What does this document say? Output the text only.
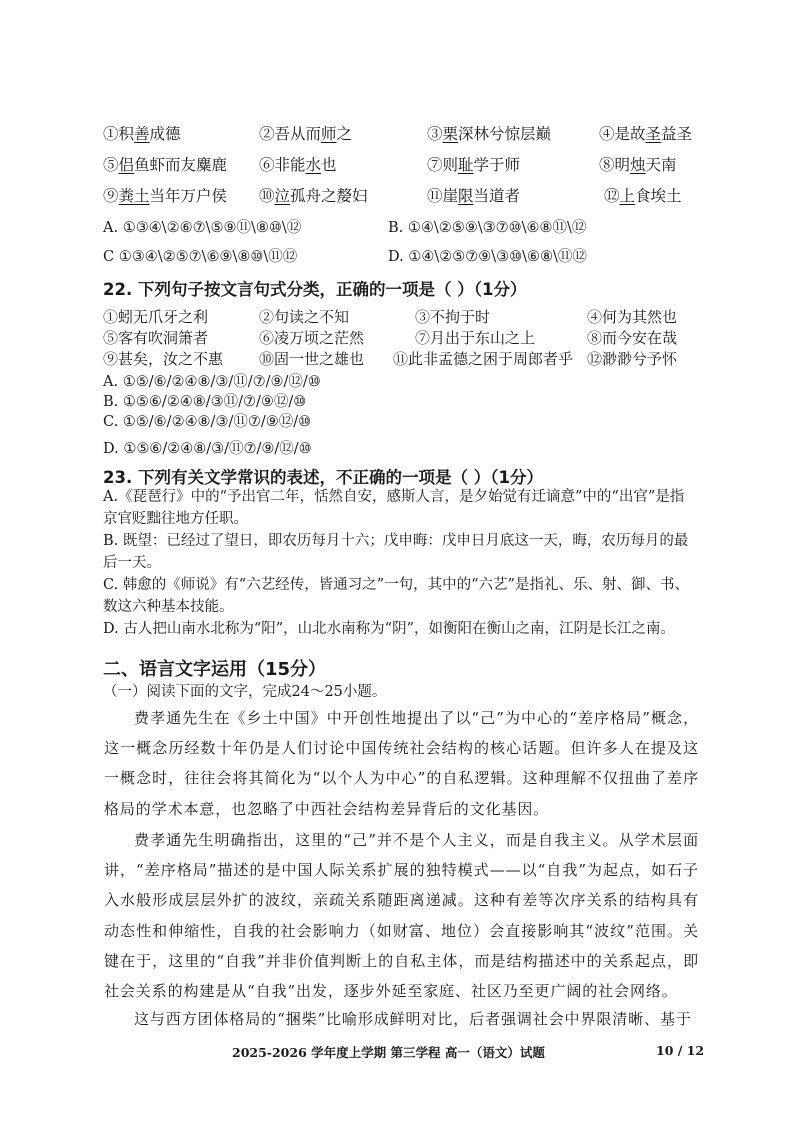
①积善成德	②吾从而师之	③栗深林兮惊层巅	④是故圣益圣
⑤侣鱼虾而友麋鹿 ⑥非能水也	⑦则耻学于师	⑧明烛天南
⑨粪土当年万户侯 ⑩泣孤舟之嫠妇	⑪崖限当道者	⑫上食埃土
A. ①③④\②⑥⑦\⑤⑨⑪\⑧⑩\⑫	B. ①④\②⑤⑨\③⑦⑩\⑥⑧⑪\⑫
C ①③④\②⑤⑦\⑥⑨\⑧⑩\⑪⑫	D. ①④\②⑤⑦⑨\③⑩\⑥⑧\⑪⑫
22. 下列句子按文言句式分类，正确的一项是（ ）（1分）
①蚓无爪牙之利	②句读之不知	③不拘于时	④何为其然也
⑤客有吹洞箫者	⑥凌万顷之茫然	⑦月出于东山之上	⑧而今安在哉
⑨甚矣，汝之不惠 ⑩固一世之雄也 ⑪此非孟德之困于周郎者乎 ⑫渺渺兮予怀
A. ①⑤/⑥/②④⑧/③/⑪/⑦/⑨/⑫/⑩
B. ①⑤⑥/②④⑧/③⑪/⑦/⑨⑫/⑩
C. ①⑤/⑥/②④⑧/③/⑪⑦/⑨⑫/⑩
D. ①⑤⑥/②④⑧/③/⑪⑦/⑨/⑫/⑩
23. 下列有关文学常识的表述，不正确的一项是（ ）（1分）
A.《琵琶行》中的“予出官二年，恬然自安，感斯人言，是夕始觉有迁谪意”中的“出官”是指京官贬黜往地方任职。
B. 既望：已经过了望日，即农历每月十六；戊申晦：戊申日月底这一天，晦，农历每月的最后一天。
C. 韩愈的《师说》有“六艺经传，皆通习之”一句，其中的“六艺”是指礼、乐、射、御、书、数这六种基本技能。
D. 古人把山南水北称为“阳”，山北水南称为“阴”，如衡阳在衡山之南，江阴是长江之南。
二、语言文字运用（15分）
（一）阅读下面的文字，完成24～25小题。
费孝通先生在《乡土中国》中开创性地提出了以“己”为中心的“差序格局”概念，这一概念历经数十年仍是人们讨论中国传统社会结构的核心话题。但许多人在提及这一概念时，往往会将其简化为“以个人为中心”的自私逻辑。这种理解不仅扭曲了差序格局的学术本意，也忽略了中西社会结构差异背后的文化基因。
费孝通先生明确指出，这里的“己”并不是个人主义，而是自我主义。从学术层面讲，“差序格局”描述的是中国人际关系扩展的独特模式——以“自我”为起点，如石子入水般形成层层外扩的波纹，亲疏关系随距离递减。这种有差等次序关系的结构具有动态性和伸缩性，自我的社会影响力（如财富、地位）会直接影响其“波纹”范围。关键在于，这里的“自我”并非价值判断上的自私主体，而是结构描述中的关系起点，即社会关系的构建是从“自我”出发，逐步外延至家庭、社区乃至更广阔的社会网络。
这与西方团体格局的“捆柴”比喻形成鲜明对比，后者强调社会中界限清晰、基于
2025-2026 学年度上学期 第三学程 高一（语文）试题	10 / 12
